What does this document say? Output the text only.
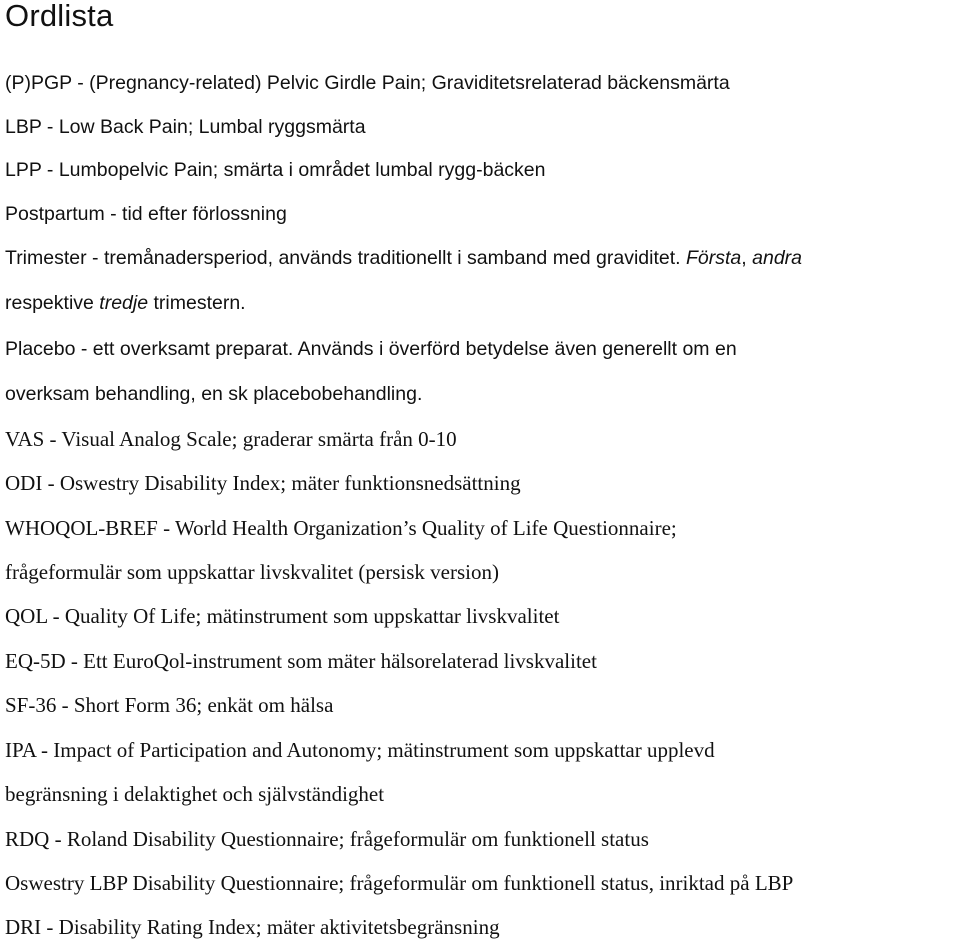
Ordlista

(P)PGP - (Pregnancy-related) Pelvic Girdle Pain; Graviditetsrelaterad bäckensmärta

LBP - Low Back Pain; Lumbal ryggsmärta

LPP - Lumbopelvic Pain; smärta i området lumbal rygg-bäcken

Postpartum - tid efter förlossning

Trimester - tremånadersperiod, används traditionellt i samband med graviditet. Första, andra

respektive tredje trimestern.

Placebo - ett overksamt preparat. Används i överförd betydelse även generellt om en

overksam behandling, en sk placebobehandling.

VAS - Visual Analog Scale; graderar smärta från 0-10

ODI - Oswestry Disability Index; mäter funktionsnedsättning

WHOQOL-BREF - World Health Organization’s Quality of Life Questionnaire;

frågeformulär som uppskattar livskvalitet (persisk version)

QOL - Quality Of Life; mätinstrument som uppskattar livskvalitet

EQ-5D - Ett EuroQol-instrument som mäter hälsorelaterad livskvalitet

SF-36 - Short Form 36; enkät om hälsa

IPA - Impact of Participation and Autonomy; mätinstrument som uppskattar upplevd

begränsning i delaktighet och självständighet

RDQ - Roland Disability Questionnaire; frågeformulär om funktionell status

Oswestry LBP Disability Questionnaire; frågeformulär om funktionell status, inriktad på LBP

DRI - Disability Rating Index; mäter aktivitetsbegränsning
